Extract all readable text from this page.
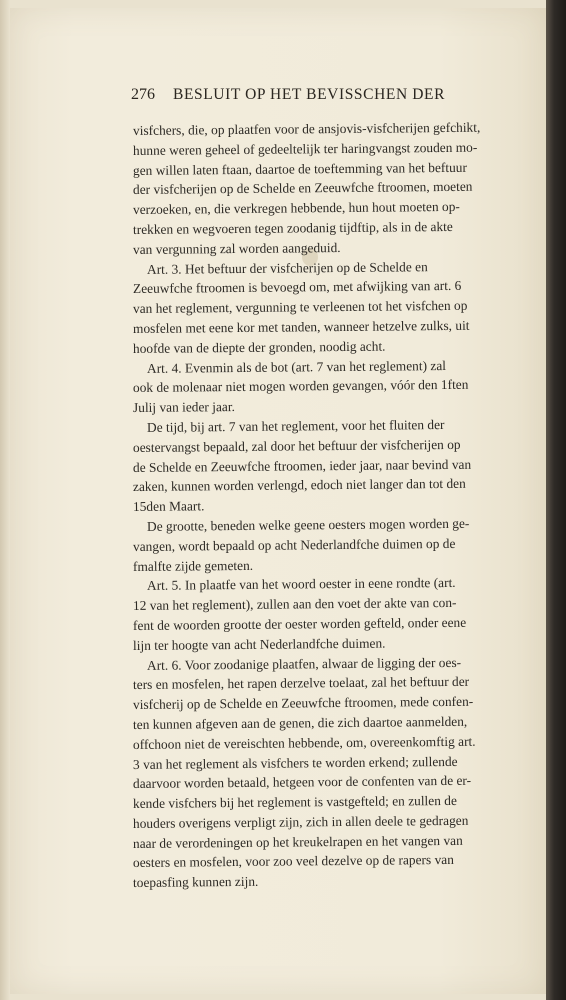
276 BESLUIT OP HET BEVISSCHEN DER
visfchers, die, op plaatfen voor de ansjovis-visfcherijen gefchikt,
hunne weren geheel of gedeeltelijk ter haringvangst zouden mo-
gen willen laten ftaan, daartoe de toeftemming van het beftuur
der visfcherijen op de Schelde en Zeeuwfche ftroomen, moeten
verzoeken, en, die verkregen hebbende, hun hout moeten op-
trekken en wegvoeren tegen zoodanig tijdftip, als in de akte
van vergunning zal worden aangeduid.
Art. 3. Het beftuur der visfcherijen op de Schelde en
Zeeuwfche ftroomen is bevoegd om, met afwijking van art. 6
van het reglement, vergunning te verleenen tot het visfchen op
mosfelen met eene kor met tanden, wanneer hetzelve zulks, uit
hoofde van de diepte der gronden, noodig acht.
Art. 4. Evenmin als de bot (art. 7 van het reglement) zal
ook de molenaar niet mogen worden gevangen, vóór den 1ften
Julij van ieder jaar.
De tijd, bij art. 7 van het reglement, voor het fluiten der
oestervangst bepaald, zal door het beftuur der visfcherijen op
de Schelde en Zeeuwfche ftroomen, ieder jaar, naar bevind van
zaken, kunnen worden verlengd, edoch niet langer dan tot den
15den Maart.
De grootte, beneden welke geene oesters mogen worden ge-
vangen, wordt bepaald op acht Nederlandfche duimen op de
fmalfte zijde gemeten.
Art. 5. In plaatfe van het woord oester in eene rondte (art.
12 van het reglement), zullen aan den voet der akte van con-
fent de woorden grootte der oester worden gefteld, onder eene
lijn ter hoogte van acht Nederlandfche duimen.
Art. 6. Voor zoodanige plaatfen, alwaar de ligging der oes-
ters en mosfelen, het rapen derzelve toelaat, zal het beftuur der
visfcherij op de Schelde en Zeeuwfche ftroomen, mede confen-
ten kunnen afgeven aan de genen, die zich daartoe aanmelden,
offchoon niet de vereischten hebbende, om, overeenkomftig art.
3 van het reglement als visfchers te worden erkend; zullende
daarvoor worden betaald, hetgeen voor de confenten van de er-
kende visfchers bij het reglement is vastgefteld; en zullen de
houders overigens verpligt zijn, zich in allen deele te gedragen
naar de verordeningen op het kreukelrapen en het vangen van
oesters en mosfelen, voor zoo veel dezelve op de rapers van
toepasfing kunnen zijn.
